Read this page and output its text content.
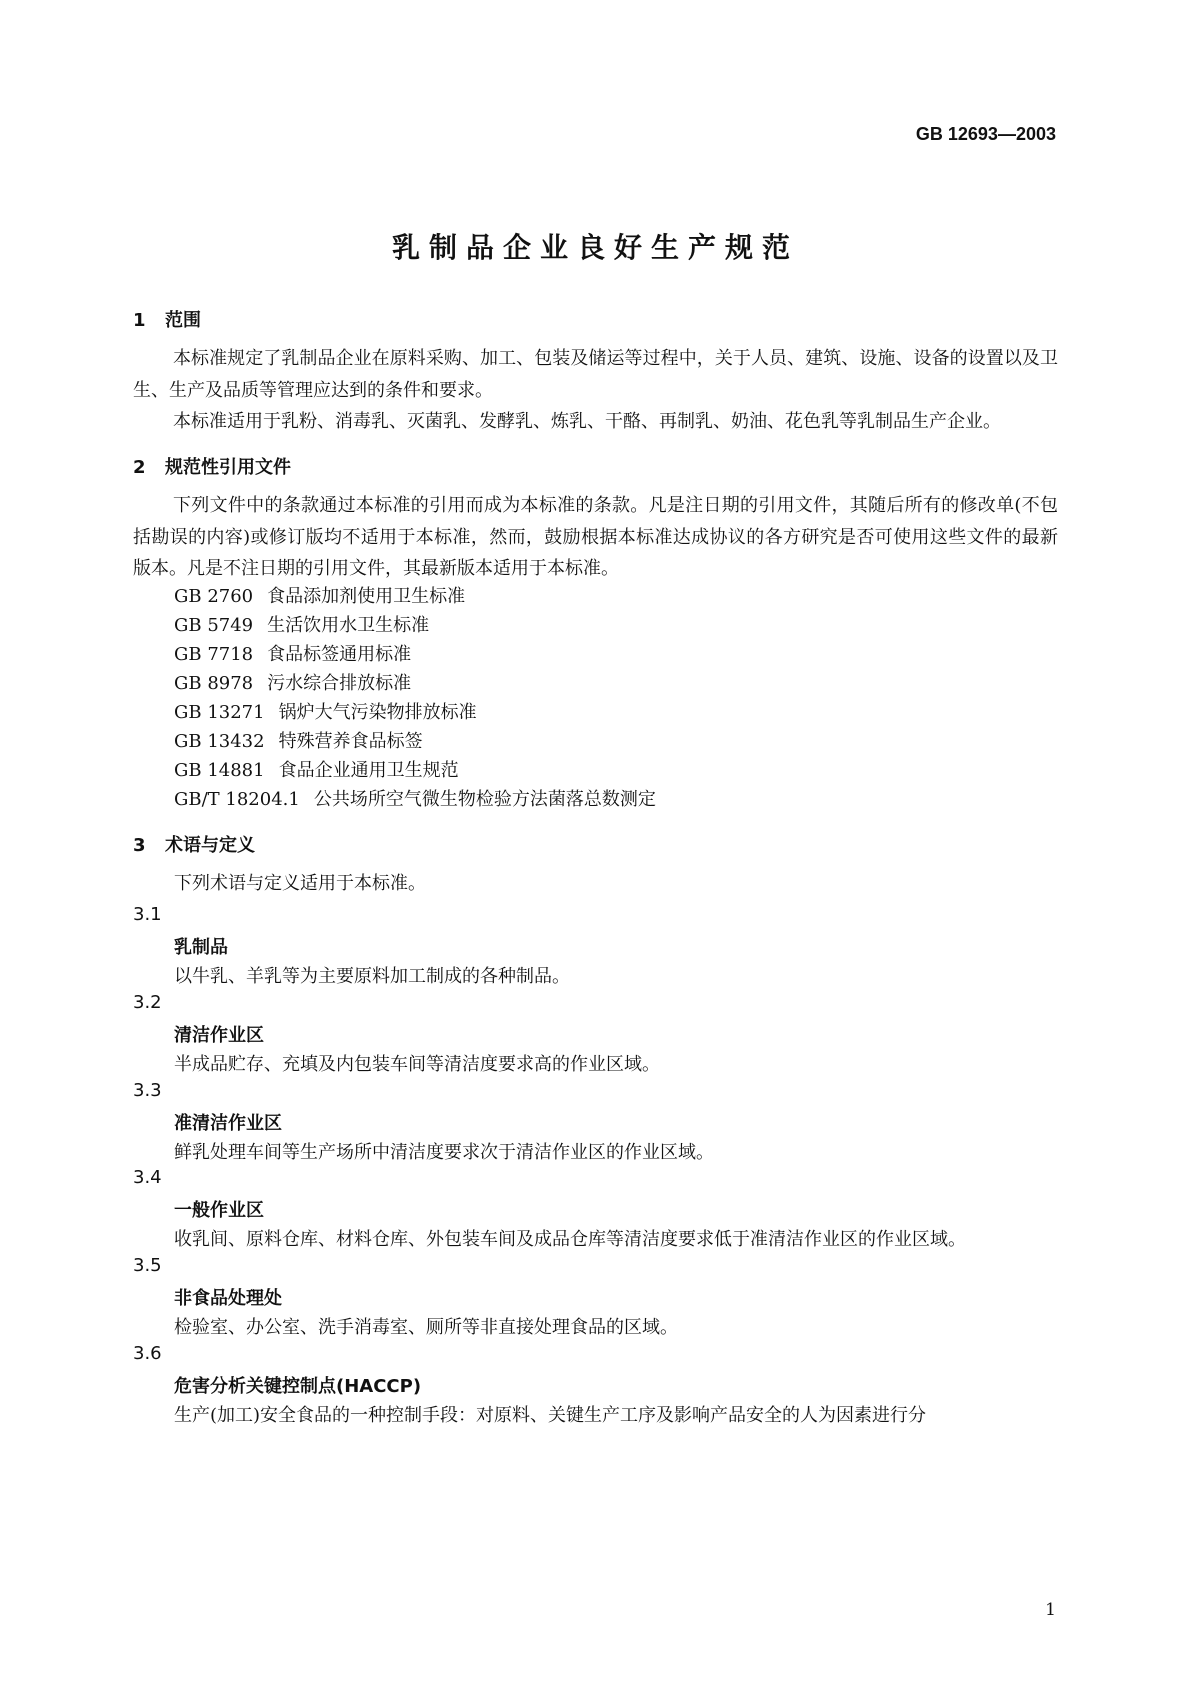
GB 12693—2003
乳制品企业良好生产规范
1 范围
本标准规定了乳制品企业在原料采购、加工、包装及储运等过程中，关于人员、建筑、设施、设备的设置以及卫生、生产及品质等管理应达到的条件和要求。
本标准适用于乳粉、消毒乳、灭菌乳、发酵乳、炼乳、干酪、再制乳、奶油、花色乳等乳制品生产企业。
2 规范性引用文件
下列文件中的条款通过本标准的引用而成为本标准的条款。凡是注日期的引用文件，其随后所有的修改单(不包括勘误的内容)或修订版均不适用于本标准，然而，鼓励根据本标准达成协议的各方研究是否可使用这些文件的最新版本。凡是不注日期的引用文件，其最新版本适用于本标准。
GB 2760 食品添加剂使用卫生标准
GB 5749 生活饮用水卫生标准
GB 7718 食品标签通用标准
GB 8978 污水综合排放标准
GB 13271 锅炉大气污染物排放标准
GB 13432 特殊营养食品标签
GB 14881 食品企业通用卫生规范
GB/T 18204.1 公共场所空气微生物检验方法菌落总数测定
3 术语与定义
下列术语与定义适用于本标准。
3.1
乳制品
以牛乳、羊乳等为主要原料加工制成的各种制品。
3.2
清洁作业区
半成品贮存、充填及内包装车间等清洁度要求高的作业区域。
3.3
准清洁作业区
鲜乳处理车间等生产场所中清洁度要求次于清洁作业区的作业区域。
3.4
一般作业区
收乳间、原料仓库、材料仓库、外包装车间及成品仓库等清洁度要求低于准清洁作业区的作业区域。
3.5
非食品处理处
检验室、办公室、洗手消毒室、厕所等非直接处理食品的区域。
3.6
危害分析关键控制点(HACCP)
生产(加工)安全食品的一种控制手段：对原料、关键生产工序及影响产品安全的人为因素进行分
1
